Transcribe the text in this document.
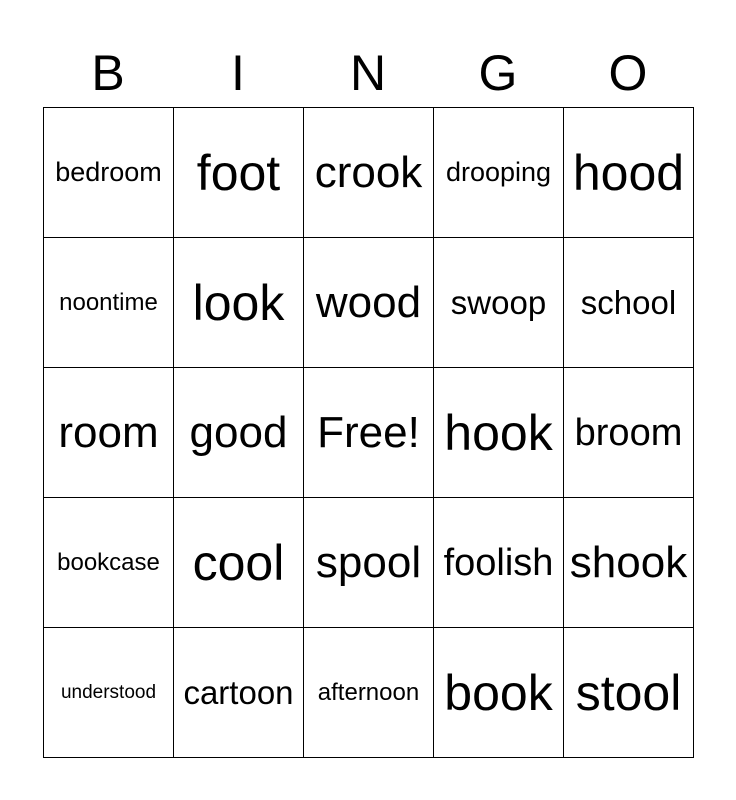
B	I	N	G	O
bedroom foot crook drooping hood
noontime look wood swoop	school
room good Free! hook broom
bookcase cool spool foolish shook
understood cartoon	afternoon book stool
